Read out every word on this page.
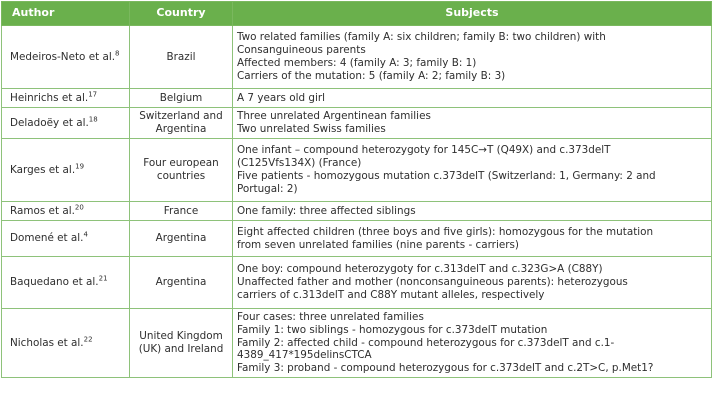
Author	Country	Subjects
Medeiros-Neto et al.$^8$	Brazil	Two related families (family A: six children; family B: two children) with
Consanguineous parents
Affected members: 4 (family A: 3; family B: 1)
Carriers of the mutation: 5 (family A: 2; family B: 3)

Heinrichs et al.$^{17}$	Belgium	A 7 years old girl

Deladoëy et al.$^{18}$	Switzerland and Argentina	Three unrelated Argentinean families
Two unrelated Swiss families

Karges et al.$^{19}$	Four european countries	One infant – compound heterozygoty for 145C→T (Q49X) and c.373delT
(C125Vfs134X) (France)
Five patients - homozygous mutation c.373delT (Switzerland: 1, Germany: 2 and
Portugal: 2)

Ramos et al.$^{20}$	France	One family: three affected siblings

Domené et al.$^4$	Argentina	Eight affected children (three boys and five girls): homozygous for the mutation
from seven unrelated families (nine parents - carriers)

Baquedano et al.$^{21}$	Argentina	One boy: compound heterozygoty for c.313delT and c.323G>A (C88Y)
Unaffected father and mother (nonconsanguineous parents): heterozygous
carriers of c.313delT and C88Y mutant alleles, respectively

Nicholas et al.$^{22}$	United Kingdom (UK) and Ireland	Four cases: three unrelated families
Family 1: two siblings - homozygous for c.373delT mutation
Family 2: affected child - compound heterozygous for c.373delT and c.1-
4389_417*195delinsCTCA
Family 3: proband - compound heterozygous for c.373delT and c.2T>C, p.Met1?
